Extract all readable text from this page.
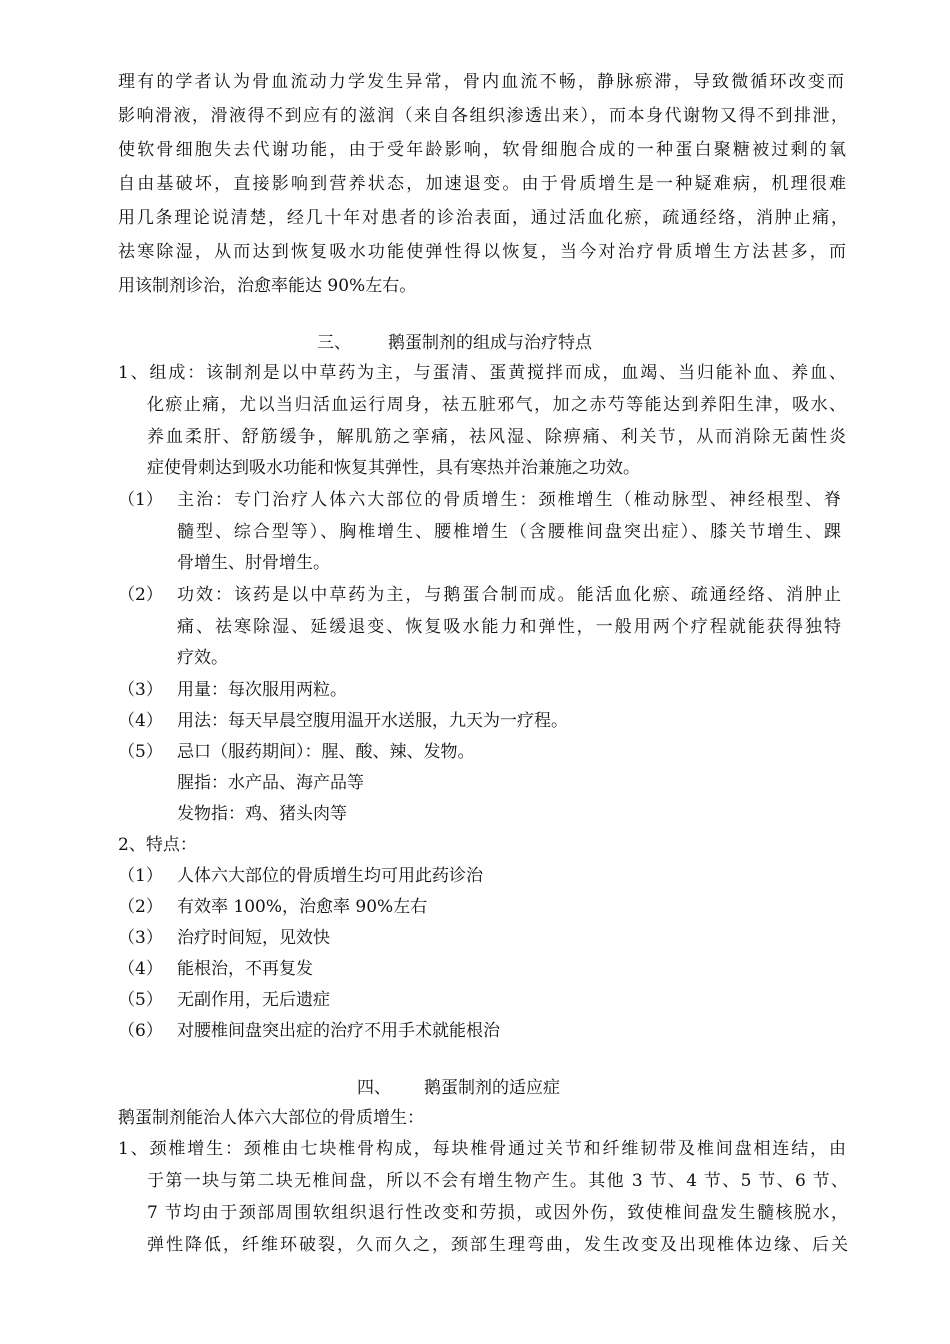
理有的学者认为骨血流动力学发生异常，骨内血流不畅，静脉瘀滞，导致微循环改变而
影响滑液，滑液得不到应有的滋润（来自各组织渗透出来），而本身代谢物又得不到排泄，
使软骨细胞失去代谢功能，由于受年龄影响，软骨细胞合成的一种蛋白聚糖被过剩的氧
自由基破坏，直接影响到营养状态，加速退变。由于骨质增生是一种疑难病，机理很难
用几条理论说清楚，经几十年对患者的诊治表面，通过活血化瘀，疏通经络，消肿止痛，
祛寒除湿，从而达到恢复吸水功能使弹性得以恢复，当今对治疗骨质增生方法甚多，而
用该制剂诊治，治愈率能达 90%左右。
三、 鹅蛋制剂的组成与治疗特点
1、组成：该制剂是以中草药为主，与蛋清、蛋黄搅拌而成，血竭、当归能补血、养血、
化瘀止痛，尤以当归活血运行周身，祛五脏邪气，加之赤芍等能达到养阳生津，吸水、
养血柔肝、舒筋缓争，解肌筋之挛痛，祛风湿、除痹痛、利关节，从而消除无菌性炎
症使骨刺达到吸水功能和恢复其弹性，具有寒热并治兼施之功效。
（1） 主治：专门治疗人体六大部位的骨质增生：颈椎增生（椎动脉型、神经根型、脊
髓型、综合型等）、胸椎增生、腰椎增生（含腰椎间盘突出症）、膝关节增生、踝
骨增生、肘骨增生。
（2） 功效：该药是以中草药为主，与鹅蛋合制而成。能活血化瘀、疏通经络、消肿止
痛、祛寒除湿、延缓退变、恢复吸水能力和弹性，一般用两个疗程就能获得独特
疗效。
（3） 用量：每次服用两粒。
（4） 用法：每天早晨空腹用温开水送服，九天为一疗程。
（5） 忌口（服药期间）：腥、酸、辣、发物。
腥指：水产品、海产品等
发物指：鸡、猪头肉等
2、特点：
（1） 人体六大部位的骨质增生均可用此药诊治
（2） 有效率 100%，治愈率 90%左右
（3） 治疗时间短，见效快
（4） 能根治，不再复发
（5） 无副作用，无后遗症
（6） 对腰椎间盘突出症的治疗不用手术就能根治
四、 鹅蛋制剂的适应症
鹅蛋制剂能治人体六大部位的骨质增生：
1、颈椎增生：颈椎由七块椎骨构成，每块椎骨通过关节和纤维韧带及椎间盘相连结，由
于第一块与第二块无椎间盘，所以不会有增生物产生。其他 3 节、4 节、5 节、6 节、
7 节均由于颈部周围软组织退行性改变和劳损，或因外伤，致使椎间盘发生髓核脱水，
弹性降低，纤维环破裂，久而久之，颈部生理弯曲，发生改变及出现椎体边缘、后关
